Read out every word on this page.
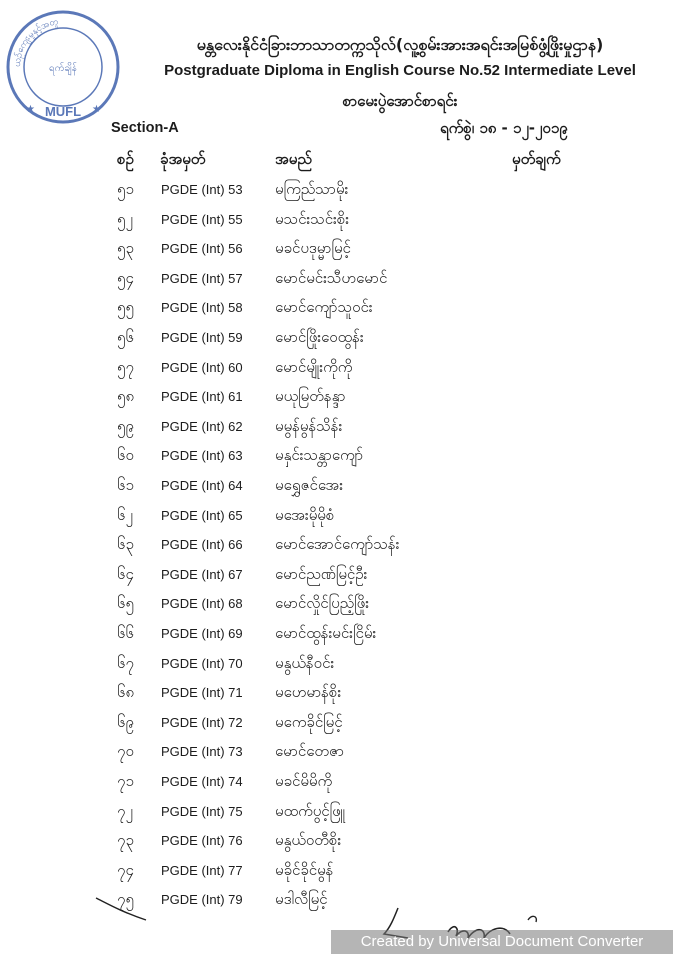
ယဉ်ကျေးမှုနှင့်အတူ
ရက်ချိန်
MUFL
★	★
မန္တလေးနိုင်ငံခြားဘာသာတက္ကသိုလ်(လူ့စွမ်းအားအရင်းအမြစ်ဖွံ့ဖြိုးမှုဌာန)
Postgraduate Diploma in English Course No.52 Intermediate Level
စာမေးပွဲအောင်စာရင်း
Section-A	ရက်စွဲ၊ ၁၈ - ၁၂-၂၀၁၉
စဉ် ခုံအမှတ်	အမည်	မှတ်ချက်
၅၁ PGDE (Int) 53 မကြည်သာမိုး
၅၂ PGDE (Int) 55 မသင်းသင်းစိုး
၅၃ PGDE (Int) 56 မခင်ပဒုမ္မာမြင့်
၅၄ PGDE (Int) 57 မောင်မင်းသီဟမောင်
၅၅ PGDE (Int) 58 မောင်ကျော်သူဝင်း
၅၆ PGDE (Int) 59 မောင်ဖြိုးဝေထွန်း
၅၇ PGDE (Int) 60 မောင်မျိုးကိုကို
၅၈ PGDE (Int) 61 မယုမြတ်နန္ဒာ
၅၉ PGDE (Int) 62 မမွန်မွန်သိန်း
၆၀ PGDE (Int) 63 မနှင်းသန္တာကျော်
၆၁ PGDE (Int) 64 မရွှေဇင်အေး
၆၂ PGDE (Int) 65 မအေးမိုမိုစံ
၆၃ PGDE (Int) 66 မောင်အောင်ကျော်သန်း
၆၄ PGDE (Int) 67 မောင်ညဏ်မြင့်ဦး
၆၅ PGDE (Int) 68 မောင်လှိုင်ပြည့်ဖြိုး
၆၆ PGDE (Int) 69 မောင်ထွန်းမင်းငြိမ်း
၆၇ PGDE (Int) 70 မနွယ်နီဝင်း
၆၈ PGDE (Int) 71 မဟေမာန်စိုး
၆၉ PGDE (Int) 72 မကေခိုင်မြင့်
၇၀ PGDE (Int) 73 မောင်တေဇာ
၇၁ PGDE (Int) 74 မခင်မိမိကို
၇၂ PGDE (Int) 75 မထက်ပွင့်ဖြူ
၇၃ PGDE (Int) 76 မနွယ်ဝတီစိုး
၇၄ PGDE (Int) 77 မခိုင်ခိုင်မွန်
၇၅ PGDE (Int) 79 မဒါလီမြင့်
Created by Universal Document Converter
